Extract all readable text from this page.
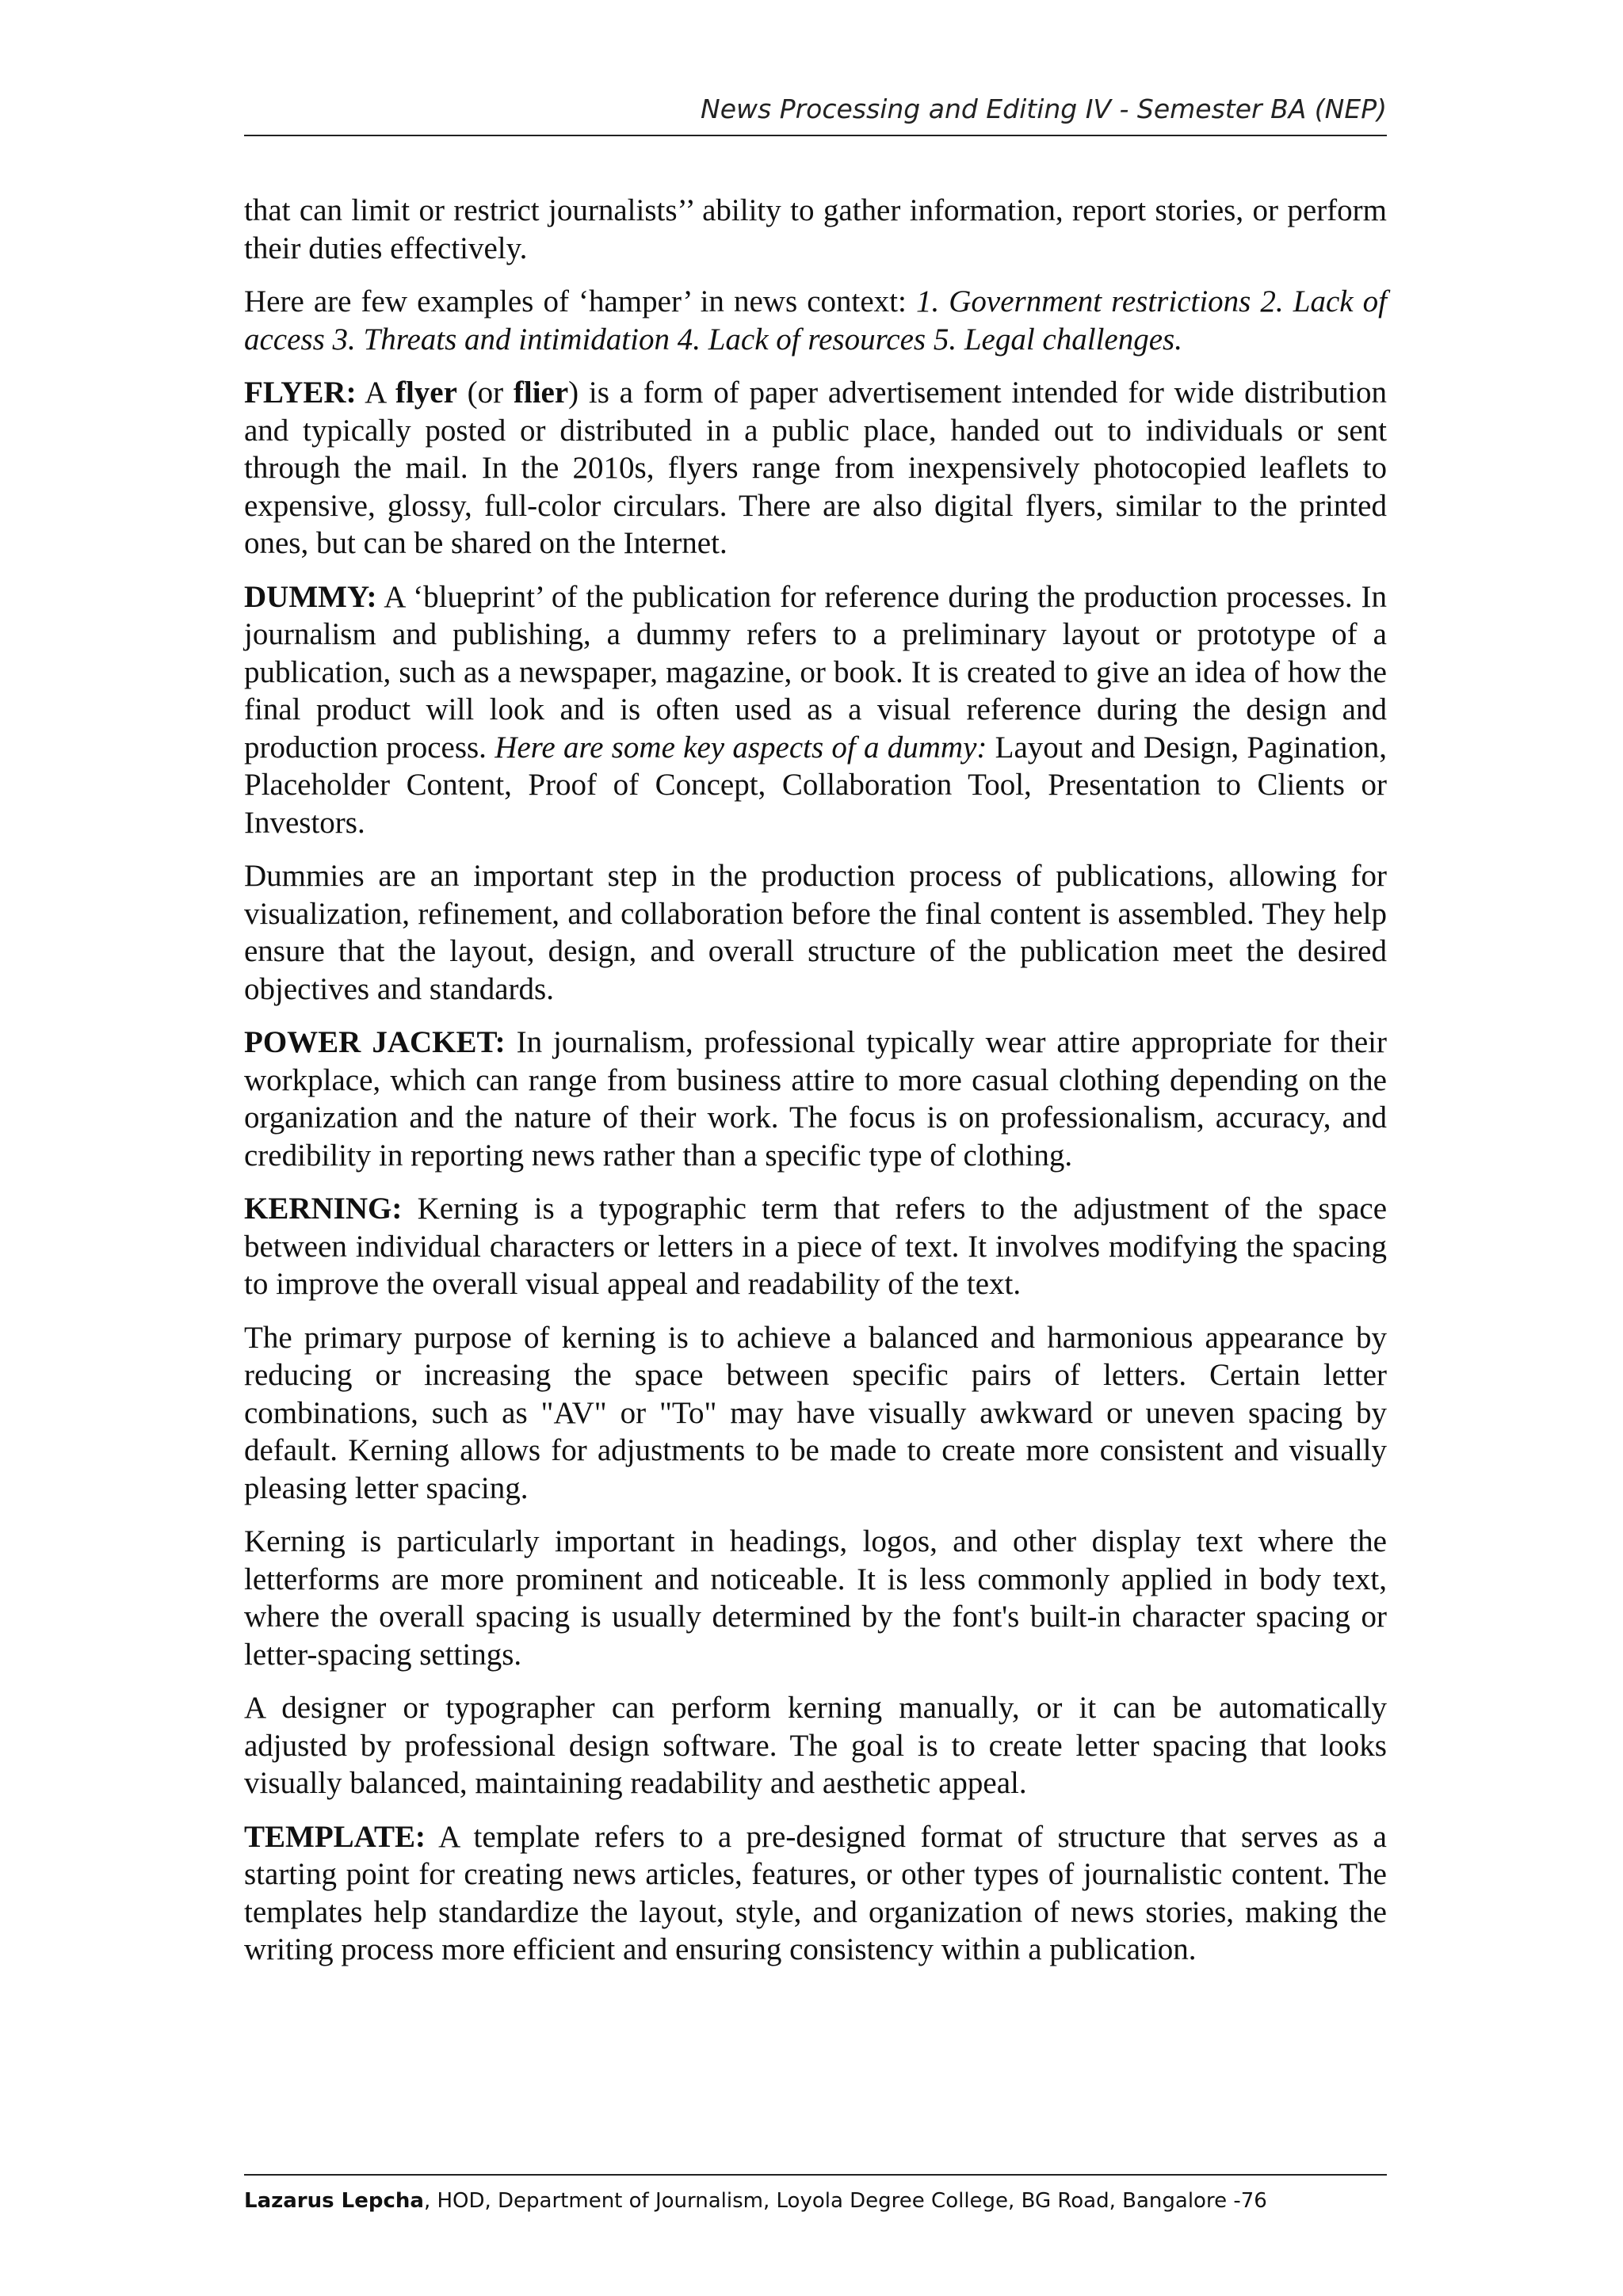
News Processing and Editing IV - Semester BA (NEP)

that can limit or restrict journalists’’ ability to gather information, report stories, or perform their duties effectively.

Here are few examples of ‘hamper’ in news context: 1. Government restrictions 2. Lack of access 3. Threats and intimidation 4. Lack of resources 5. Legal challenges.

FLYER: A flyer (or flier) is a form of paper advertisement intended for wide distribution and typically posted or distributed in a public place, handed out to individuals or sent through the mail. In the 2010s, flyers range from inexpensively photocopied leaflets to expensive, glossy, full-color circulars. There are also digital flyers, similar to the printed ones, but can be shared on the Internet.

DUMMY: A ‘blueprint’ of the publication for reference during the production processes. In journalism and publishing, a dummy refers to a preliminary layout or prototype of a publication, such as a newspaper, magazine, or book. It is created to give an idea of how the final product will look and is often used as a visual reference during the design and production process. Here are some key aspects of a dummy: Layout and Design, Pagination, Placeholder Content, Proof of Concept, Collaboration Tool, Presentation to Clients or Investors.

Dummies are an important step in the production process of publications, allowing for visualization, refinement, and collaboration before the final content is assembled. They help ensure that the layout, design, and overall structure of the publication meet the desired objectives and standards.

POWER JACKET: In journalism, professional typically wear attire appropriate for their workplace, which can range from business attire to more casual clothing depending on the organization and the nature of their work. The focus is on professionalism, accuracy, and credibility in reporting news rather than a specific type of clothing.

KERNING: Kerning is a typographic term that refers to the adjustment of the space between individual characters or letters in a piece of text. It involves modifying the spacing to improve the overall visual appeal and readability of the text.

The primary purpose of kerning is to achieve a balanced and harmonious appearance by reducing or increasing the space between specific pairs of letters. Certain letter combinations, such as "AV" or "To" may have visually awkward or uneven spacing by default. Kerning allows for adjustments to be made to create more consistent and visually pleasing letter spacing.

Kerning is particularly important in headings, logos, and other display text where the letterforms are more prominent and noticeable. It is less commonly applied in body text, where the overall spacing is usually determined by the font's built-in character spacing or letter-spacing settings.

A designer or typographer can perform kerning manually, or it can be automatically adjusted by professional design software. The goal is to create letter spacing that looks visually balanced, maintaining readability and aesthetic appeal.

TEMPLATE: A template refers to a pre-designed format of structure that serves as a starting point for creating news articles, features, or other types of journalistic content. The templates help standardize the layout, style, and organization of news stories, making the writing process more efficient and ensuring consistency within a publication.

Lazarus Lepcha, HOD, Department of Journalism, Loyola Degree College, BG Road, Bangalore -76
